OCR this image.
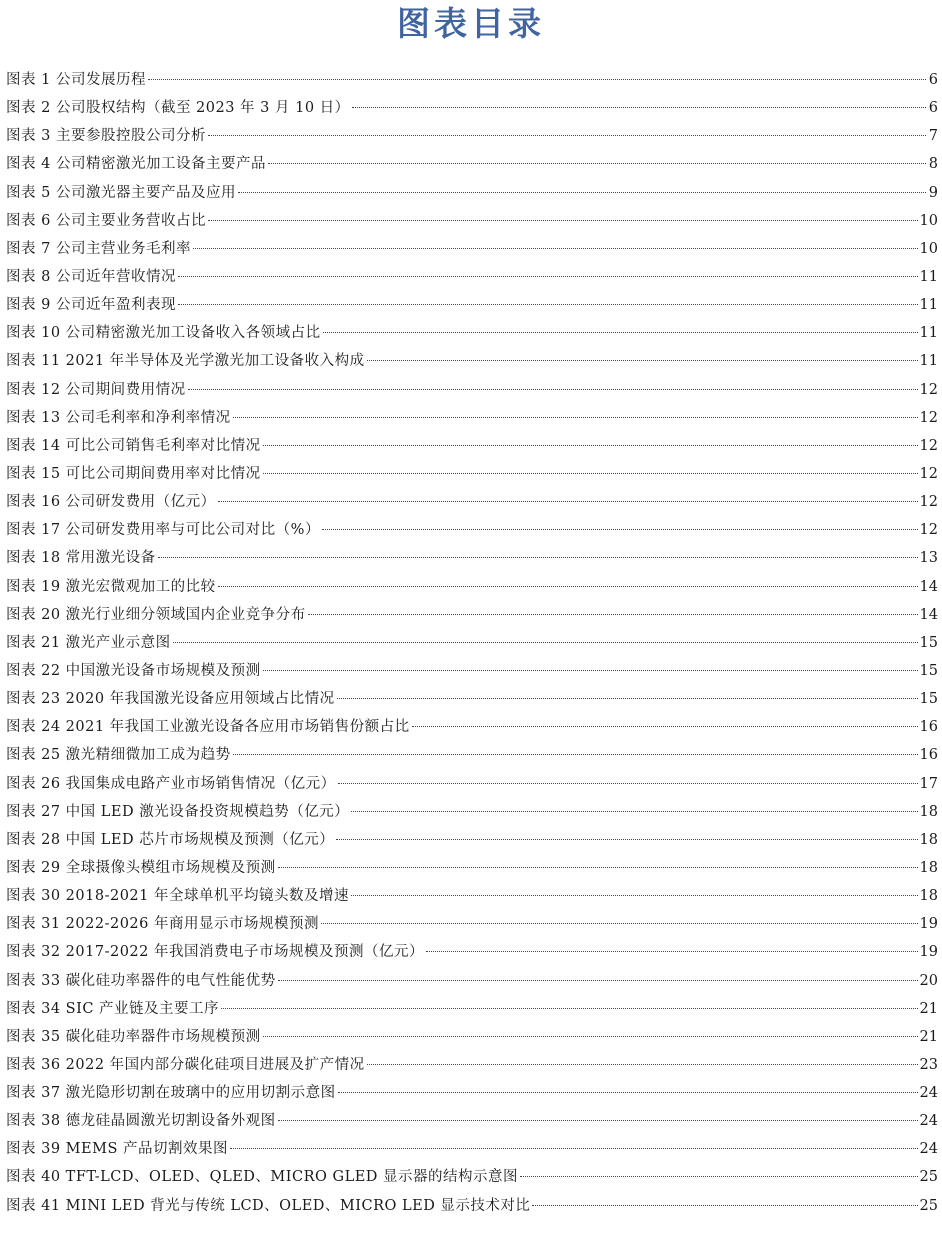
图表目录
图表 1 公司发展历程	6
图表 2 公司股权结构（截至 2023 年 3 月 10 日）	6
图表 3 主要参股控股公司分析	7
图表 4 公司精密激光加工设备主要产品	8
图表 5 公司激光器主要产品及应用	9
图表 6 公司主要业务营收占比	10
图表 7 公司主营业务毛利率	10
图表 8 公司近年营收情况	11
图表 9 公司近年盈利表现	11
图表 10 公司精密激光加工设备收入各领域占比	11
图表 11 2021 年半导体及光学激光加工设备收入构成	11
图表 12 公司期间费用情况	12
图表 13 公司毛利率和净利率情况	12
图表 14 可比公司销售毛利率对比情况	12
图表 15 可比公司期间费用率对比情况	12
图表 16 公司研发费用（亿元）	12
图表 17 公司研发费用率与可比公司对比（%）	12
图表 18 常用激光设备	13
图表 19 激光宏微观加工的比较	14
图表 20 激光行业细分领域国内企业竞争分布	14
图表 21 激光产业示意图	15
图表 22 中国激光设备市场规模及预测	15
图表 23 2020 年我国激光设备应用领域占比情况	15
图表 24 2021 年我国工业激光设备各应用市场销售份额占比	16
图表 25 激光精细微加工成为趋势	16
图表 26 我国集成电路产业市场销售情况（亿元）	17
图表 27 中国 LED 激光设备投资规模趋势（亿元）	18
图表 28 中国 LED 芯片市场规模及预测（亿元）	18
图表 29 全球摄像头模组市场规模及预测	18
图表 30 2018-2021 年全球单机平均镜头数及增速	18
图表 31 2022-2026 年商用显示市场规模预测	19
图表 32 2017-2022 年我国消费电子市场规模及预测（亿元）	19
图表 33 碳化硅功率器件的电气性能优势	20
图表 34 SIC 产业链及主要工序	21
图表 35 碳化硅功率器件市场规模预测	21
图表 36 2022 年国内部分碳化硅项目进展及扩产情况	23
图表 37 激光隐形切割在玻璃中的应用切割示意图	24
图表 38 德龙硅晶圆激光切割设备外观图	24
图表 39 MEMS 产品切割效果图	24
图表 40 TFT-LCD、OLED、QLED、MICRO GLED 显示器的结构示意图	25
图表 41 MINI LED 背光与传统 LCD、OLED、MICRO LED 显示技术对比	25
